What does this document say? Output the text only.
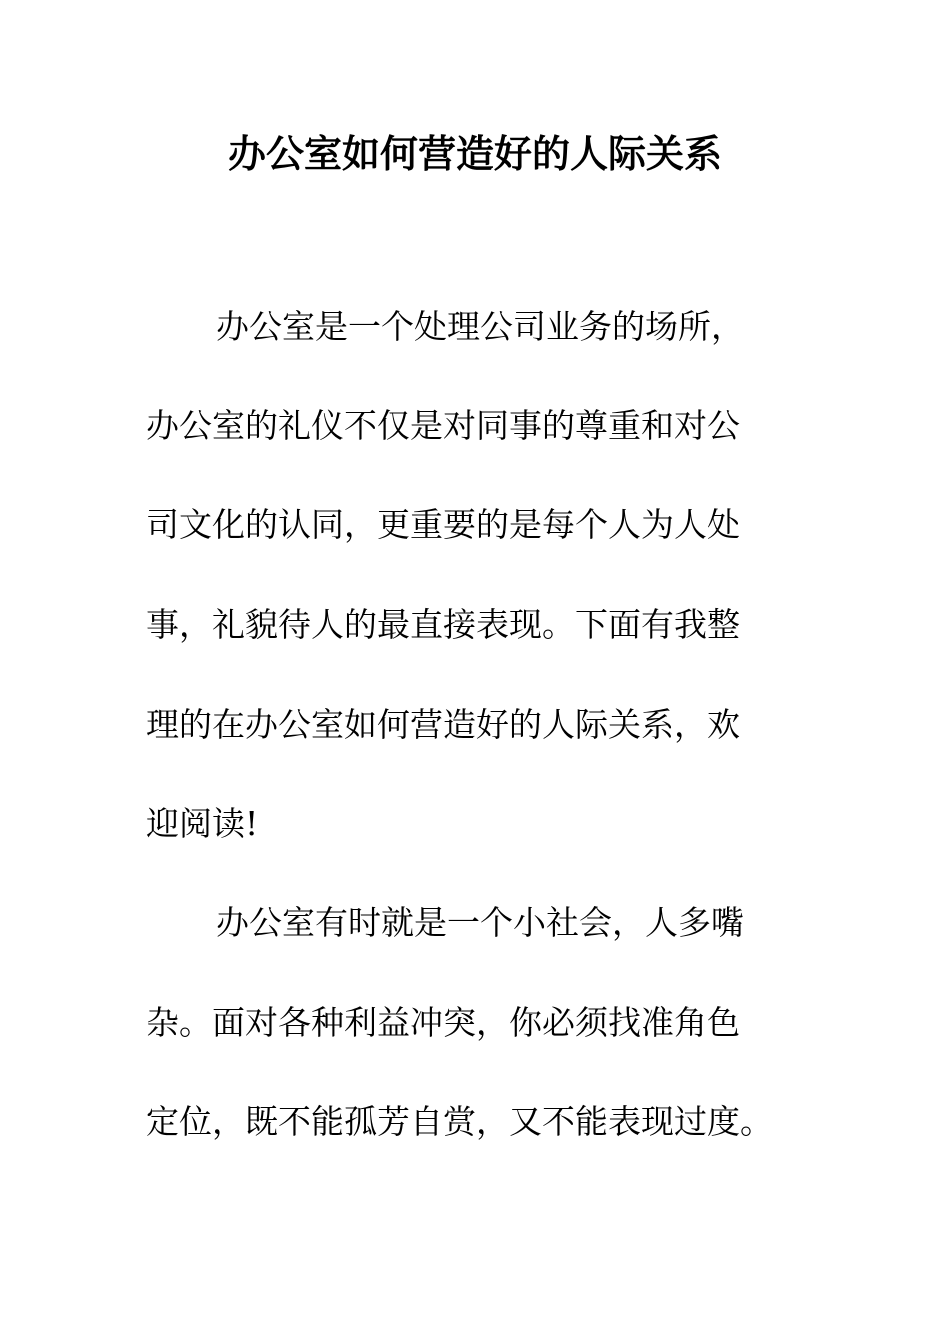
办公室如何营造好的人际关系
办公室是一个处理公司业务的场所，
办公室的礼仪不仅是对同事的尊重和对公
司文化的认同，更重要的是每个人为人处
事，礼貌待人的最直接表现。下面有我整
理的在办公室如何营造好的人际关系，欢
迎阅读!
办公室有时就是一个小社会，人多嘴
杂。面对各种利益冲突，你必须找准角色
定位，既不能孤芳自赏，又不能表现过度。
